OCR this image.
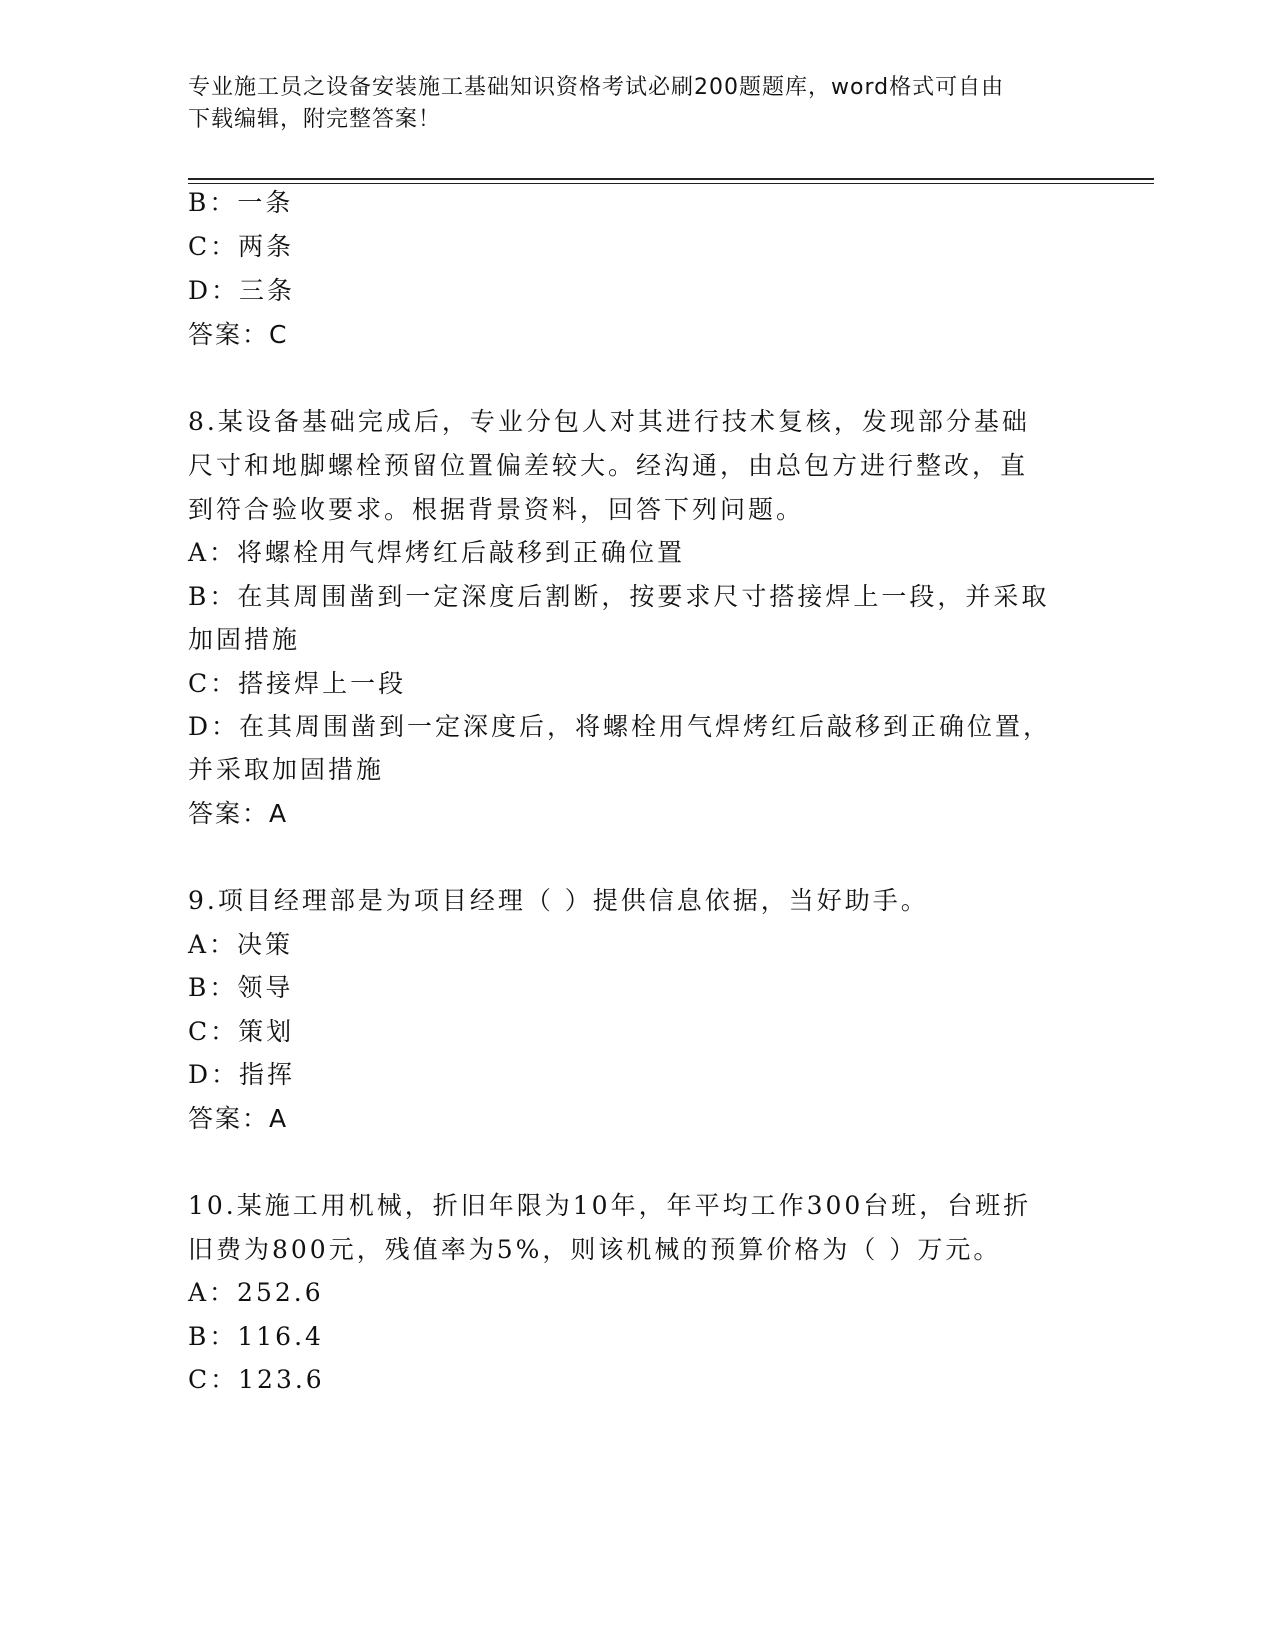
专业施工员之设备安装施工基础知识资格考试必刷200题题库，word格式可自由
下载编辑，附完整答案！
B：一条
C：两条
D：三条
答案：C
8.某设备基础完成后，专业分包人对其进行技术复核，发现部分基础
尺寸和地脚螺栓预留位置偏差较大。经沟通，由总包方进行整改，直
到符合验收要求。根据背景资料，回答下列问题。
A：将螺栓用气焊烤红后敲移到正确位置
B：在其周围凿到一定深度后割断，按要求尺寸搭接焊上一段，并采取
加固措施
C：搭接焊上一段
D：在其周围凿到一定深度后，将螺栓用气焊烤红后敲移到正确位置，
并采取加固措施
答案：A
9.项目经理部是为项目经理（ ）提供信息依据，当好助手。
A：决策
B：领导
C：策划
D：指挥
答案：A
10.某施工用机械，折旧年限为10年，年平均工作300台班，台班折
旧费为800元，残值率为5%，则该机械的预算价格为（ ）万元。
A：252.6
B：116.4
C：123.6
